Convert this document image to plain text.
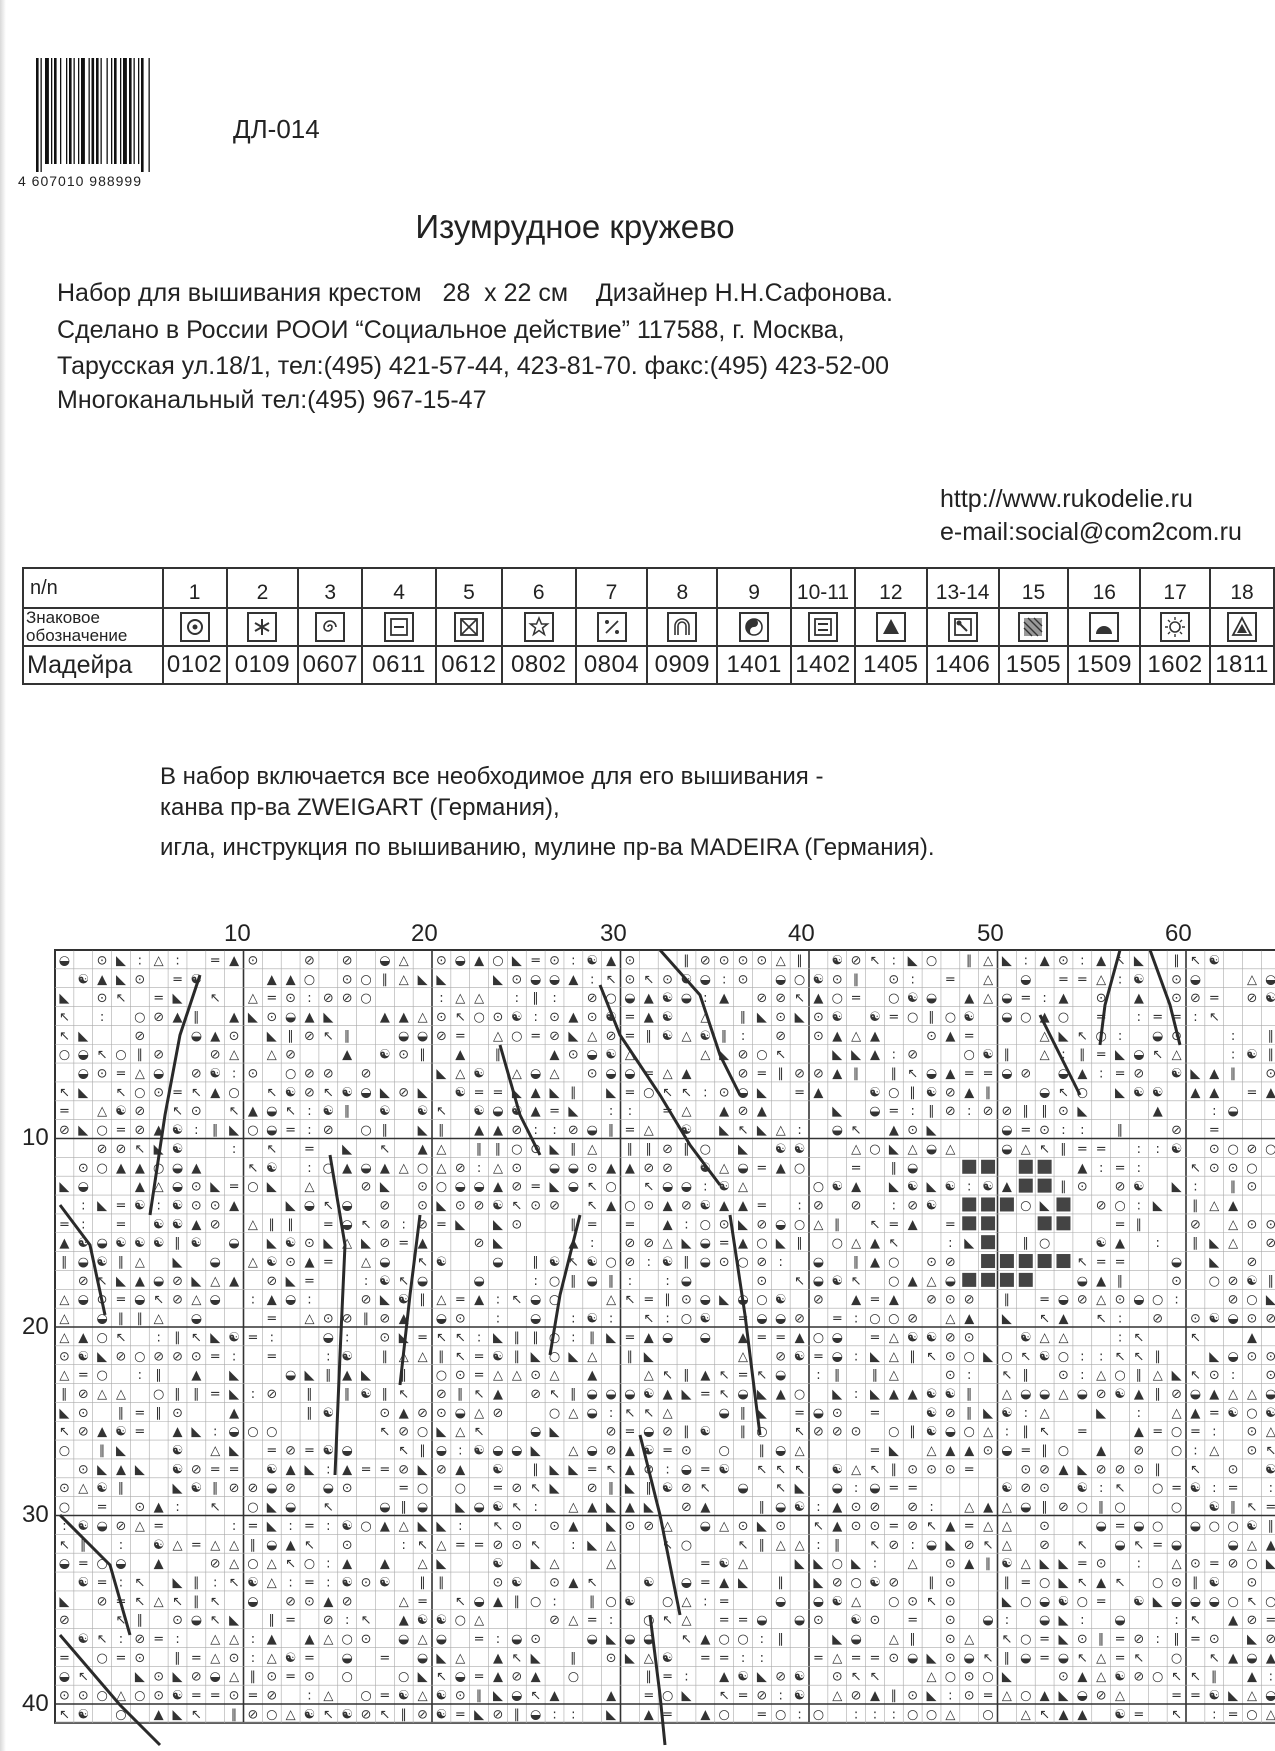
4 607010 988999
ДЛ-014
Изумрудное кружево
Набор для вышивания крестом   28  х 22 см    Дизайнер Н.Н.Сафонова.
Сделано в России РООИ “Социальное действие” 117588, г. Москва,
Тарусская ул.18/1, тел:(495) 421-57-44, 423-81-70. факс:(495) 423-52-00
Многоканальный тел:(495) 967-15-47
http://www.rukodelie.ru
e-mail:social@com2com.ru
n/n	1	2	3	4	5	6	7	8	9	10-11	12	13-14	15	16	17	18
Знаковое обозначение	

Мадейра	0102	0109	0607	0611	0612	0802	0804	0909	1401	1402	1405	1406	1505	1509	1602	1811
В набор включается все необходимое для его вышивания -
канва пр-ва ZWEIGART (Германия),
игла, инструкция по вышиванию, мулине пр-ва MADEIRA (Германия).
10	20	30	40	50	60
10
20
30
40
◒ ⊙ ◣ : △ : = ▲ ⊙	⊘ ⊘ ◒ △ ⊙ ◒ ▲ ○ ◣ = ⊙ : ☯ ▲ ⊙	∥ ⊘ ⊙ ⊙ ⊙ △ ∥ ☯ ⊘ ↖ : ◣ ○ ∥ △ ◣ : ▲ ⊙ : ▲ ↖ ◣ ∥ ↖ ☯
☯ ▲ ◣ ⊙ = ☯	▲ ▲ ○ ⊙ ○ ∥ △ ◣ ◣	◣ ⊙ ◒ ◒ ▲ : ↖ ⊙ ↖ ⊙ ☯ ◒ : ⊙ ◒ ○ ☯ ⊙ ∥ ⊙ : = △ ◒ = = △ : ☯ ⊙ ◒	△ ◒
◣ ⊙ ↖ = ◣ ↖ △ = ⊙ : ⊘ ⊘ ○	: △ △ : ∥ : ⊘ ○ ◒ ▲ ☯ ◒ : ▲ ⊘ ⊘ ↖ ▲ ○ = ○ ☯ ◒ ▲ △ ◒ = : ▲ ⊙ ▲ ⊙ ⊘ = ⊘ ☯
↖ : ○ ⊘ ▲ ∥ ▲ ◣ ⊙ ◒ ▲ ◣	▲ ▲ △ ⊙ ↖ ○ ⊙ ☯ : ⊙ ▲ ⊙ ☯ = ▲ ☯ △ ∥ ◣ ⊙ ◣ ⊙ ☯ ☯ = ○ ∥ ○ ☯ ◒ ○ ▲ ○ = : = = : ↖
↖ ◣	⊘	◒ ▲ ⊙ ◣ ∥ ⊘ ↖ ∥	◒ ◒ ⊘ = △ ○ = ⊘ ◣ △ ⊘ = ∥ ☯ △ ☯ ∥ : ⊘ ⊙ ▲ △ ▲	⊙ ▲ =	△ ◣ ↖ ○ : ◒ ⊙	: ∥
○ ◒ ↖ ○ ∥ ⊘	⊘ △ △ ⊘	▲ ☯ ⊙ ∥ ▲ ∥	▲ ⊙ ◒ ☯ △	△ ◣ ⊘ ○ ↖	◣ ◣ ▲ : ⊘	○ ☯ ∥ △ : ∥ = ◣ ◒ ↖ △	: ☯ ∥
◒ ⊙ = △ ◒ ⊘ ☯ : ⊙ ○ ⊘ ⊘ ⊘	◣ △ ☯ △ ◒ △ ⊙ ◒ ◒ = △ ▲	⊘ = ∥ ⊘ ⊘ ▲ ∥ ∥ ↖ ◒ ▲ = = ◒ ⊘ ◒ ▲ : = ⊘ ☯ ◣ ▲ ∥ ⊙
↖ ◣ ↖ ○ ⊙ = ↖ ▲ ○ ↖ ☯ ⊘ ↖ ☯ ◒ ◣ ⊘ ◣ ☯ = = ◣ ▲ ◣ ∥ ◣ = ○ ↖ ↖ : ⊙ ◒ ◣ = ▲	☯ ○ ∥ ☯ ⊘ ▲ ∥	◒ ↖ ○ ◣ ☯ ☯ ▲ ▲ = ▲
= △ ☯ ⊘ ↖ ⊙ ↖ ▲ ◒ ↖ : ☯ ∥ ☯ ☯ ↖ ☯ ◒ ☯ ▲ = ◣ : : = △ ▲ ⊘ ▲	◣ ◒ = : ∥ ⊘ : ⊘ ⊘ ∥ ∥ ⊙ ◣	▲	: ◒
⊘ ◣ ○ = ⊘ ▲ ☯ : ∥ ◣ ○ ◒ = : ⊘ ○ ∥ ◣ ∥ ▲ ▲ ⊘ : : ⊘ ◒ ∥ = △ ☯ ◣ ↖ ◣ △ : ◒ ↖ ▲ ⊙ ◣	◒ = ⊙ : : ∥	⊘ =
⊘ ⊘ ↖ ◣ ☯	: ↖ = ◣ ↖ ▲ △ ∥ ∥ ○ ⊙ ◣ ∥ △ ∥ ∥ ⊘ ∥ ○ ◣ ☯ ☯	△ ○ ◣ △ ◒ △	◒ △ ↖ ∥ = = : : ☯ ⊙ ○ ⊘ ○
⊙ ○ ▲ ▲ ○ ◒ ▲	↖ ☯ : ○ ▲ ◒ ▲ △ ○ △ ⊘ : △ ⊙ ◒ ◒ ⊙ ▲ ▲ ⊘ ⊘ ☯ △ ◒ = ▲ ○	= ∥ ◒	▲ : = :	↖ ⊙ ⊙ ○
◣ ◒	▲ △ ◒ ⊙ ◣ = ○ ◣ △	⊘ ◣ ⊙ ○ ◒ ◒ ▲ ⊘ = ◣ ◒ ↖ ○ ↖ ◒ ◒ : ☯ △	○ ☯ ▲ ◣ ☯ ◣ ☯ : ☯ ▲	∥ ⊙ ⊘ ☯ ◣ : ∥ ⊙
: ◣ = ☯ : ☯ ⊙ ⊙ ▲	◣ ◒ ↖ ◒ ⊘ ⊙ ◣ ⊙ ⊘ ☯ ↖ ⊙ ⊘ ↖ ▲ ○ ⊙ ▲ ⊘ ☯ ▲ ▲ = : ⊘ ⊘ : ⊘ ☯	○ ◣	⊘ ○ : ◣ ∥ △ ▲
= : = ☯ ☯ ▲ ⊘ △ ∥ ∥ = ◒ ↖ ⊘ : ⊘ = ◣ ◣ ⊙	∥ = = ▲ : ○ ⊙ ◣ ⊘ ◒ ○ △ ∥ ↖ = ▲ =	= ∥	⊘ △ ⊙ ⊙
▲ ☯ ◒ ☯ ☯ ☯ ∥ ☯ ◒ ◣ ☯ ⊙ ◣ △ ◣ ⊘ = ▲	⊘ ◣	▲ : ⊘ ⊘ △ ◣ ◒ = ▲ ○ ◣ ∥ ○ △ ▲ ↖	: ◣	∥ ○	☯ ▲ : ∥ ◣ △ ⊘
∥ ◒ ☯ ∥ △ ◣ ◒ △ ☯ ⊙ ▲ = △ ◒ ↖ ☯	◒ ∥ ☯ ↖ ☯ ○ ⊘ : ☯ ∥ ◒ ⊙ ○ ⊘ : ◒ ∥ ▲ ○ ⊙ ⊘	↖ = =	◒ ◣ ⊘
⊘ ↖ ◣ ▲ ◒ ⊘ ◣ △ ▲ ⊘ ◣ =	: ☯ ↖ ◒	◒	: ○ ∥ ◒ ∥ :	: ◒	⊙ ↖ ◒ ☯ ↖ ○ ▲ △ ◒	◒ ▲ ∥	⊙ ○ ⊘ ☯ ∥
△ ◒ ⊙ = ◒ ↖ ⊘ △ ◒ : ▲ ◒ :	⊘ ◣ ☯ ∥ △ = ▲ : ↖ ◒ ○	△ ↖ = ∥ ⊙ ◒ ◣ ◒ ○ ☯ ⊘ ▲ = ▲ ⊘ ⊙ ⊘ ∥ = ◒ ⊘ △ ⊙ ◒ ○ :	⊘ ○ ◣
△ ◒ ∥ ∥ △ ◒	= △ ⊙ ⊘ ∥ ⊘ ▲ ◒ ⊙ : ◒ : ☯ : ↖ : ○ ☯ = ◒ ◒ ⊘ = : ○ ○ ⊘ △ ▲ ◣ ↖ ▲ ↖ : ⊘ ⊙ ☯ ◒ ⊙ ⊘
△ ▲ ○ ↖ : ∥ ↖ ◣ ☯ = :	◒ : ⊙ ◣ = ↖ ↖ : ◣ ∥ ∥ ○ : ∥ ◣ = ▲ ◒ ◒ ▲ = = ▲ ○ ◒ = △ ☯ ☯ ⊘ ⊙	☯ △ △	: ↖	↖	▲
⊙ ☯ ◣ ⊘ ○ ⊘ ⊘ ⊙ = : =	: ☯ ∥ △ △ ∥ ↖ = ☯ ∥ ◣ ○ ◣ △ ∥ ◣	△ ⊘ ☯ = ◒ : ◣ △ ∥ ↖ ⊙ ○ ◣ ○ ↖ ☯ ○ : : ↖ ↖ ∥	◣ ◒ ⊙ ⊙
△ = ○ : ∥ ▲ ◣	◒ ◣ ∥ ▲ ◣ ∥ ○ ⊙ = △ △ ⊙ △ ▲	△ ↖ ∥ ▲ ↖ = ↖ ◒ : ∥ ∥ △	⊙ : ↖ ∥ ⊙ : △ ○ ∥ △ ◣ ↖ ⊙ : ⊙
∥ ⊘ △ △ ○ ∥ ∥ = ◣ : ⊘ ∥ ∥ ☯ ∥ ↖ ⊘ ∥ ↖ ▲ ⊘ ↖ ∥ ◒ ◒ ◒ ☯ ▲ ◣ = ↖ ◒ ◣ ▲ ○ ◣ : ◣ ▲ ▲ ☯ ☯ ∥ △ ◒ ◒ △ ◒ ⊘ ☯ ▲ ∥ ⊘ ◒ ▲ △ △ ◒
◣ ⊙ ∥ = ∥ ⊙	▲	∥ ☯	⊙ ▲ ⊘ ⊙ ◒ △ ⊘	○ △ ◒ : ↖ ↖ △	◒ ∥ ◣ = ◒ ⊙ =	☯ ⊘ ∥ ◣ ☯ : △	◣ : △ ▲ = ☯ ○ ☯
↖ ⊘ ▲ ☯ = ▲ ◣ : ◒ ○ ○	↖ ⊘ ○ ◣ △ ↖	◒ ◣	⊘ = ◒ ⊘ ∥ ☯ ∥ ○ ↖ ⊘ ⊘ ⊙ ○ ∥ ☯ ◒ ○ △ : ∥ ↖ =	▲ = ○ = : ⊙ △
○ ∥ ◣	☯ △ ◣ = ⊘ = ☯ ◒	↖ ∥ ◒ : ☯ ◒ ◒ ◣ △ ◒ ⊘ ▲ ☯ = ⊙ ○ ∥ ◒ △	= ◣ △ ▲ ▲ ⊙ ◒ = ∥ ○ ▲ ⊘ ○ : △ ⊙ ↖
⊙ ◣ ▲ ◣ ☯ ⊘ = = ☯ ▲ ◣ : ▲ = = ⊘ ◣ ⊘ ▲ ☯ ∥ ◣ ◣ = ↖ ▲ ⊘ : ◒ = ☯ ↖ ↖ ↖ ☯ △ ↖ ∥ ⊙ ⊙ ⊙ =	⊙ ⊘ ▲ ◣ ⊘ ⊘ ⊙ ∥ ↖ ⊙ ☯
⊙ △ ☯ ∥	◣ ☯ ∥ ⊘ ⊘ ◒ ⊘ ◒ ⊙	= ○ ○ = ⊘ ↖ ◣ ⊘ ∥ ◣ ∥ ☯ ⊘ ↖ ◒ ↖ ◣ ◒ : ◒ = =	☯ ⊘ ⊙ ☯ : ↖ ○ = ☯ : = :
○ = ⊙ ▲ : ↖ ○ ◣ ◒ ↖	◒ ∥ ◒ ◣ ◒ ☯ ↖ : △ ▲ ◣ ▲ ◣ ⊘ ▲	∥ ◒ ☯ : ▲ ⊙ ⊘ ⊘ : △ ▲ △ ◒ ∥ ⊘ ○ ∥ ○	○ ☯ ∥ ↖ =
: ☯ ◒ ⊘ △ =	: = ◣ : = : ☯ ○ ▲ △ ◣ ◣ : ↖ ⊙ ⊙ ▲ ◣ ⊙ ⊘ △ ◒ △ ⊙ ◣ ⊙ ↖ ▲ ⊙ ⊙ = ⊘ ↖ ▲ = △ △ ⊙	◒ = ◒ ○ ◒ ○ ○ ☯ ∥
↖ ∥ : ☯ △ = △ △ ∥ ◒ ▲ ↖ ⊙	: ↖ △ = = ⊘ ⊙ ↖ : ◣ △	↖ ○	↖ ∥ △ △ : ∥ ↖ ⊘ : ◒ ◣ ⊘ ↖ △ ⊘ ↖ ◒ ↖ = ◒	◒ △ ▲
◒ = ○ ◒ ▲	⊘ △ ○ △ ↖ ○ : ▲ ▲ △ ◣	☯ ◣ △	△	= ☯ △	◣ ◣ ○ ◣ : △ ⊙ ▲ ∥ ☯ △ ◣ ◣ = ⊙ : △ ⊙ = ⊘ ○ ◣
☯ = : ↖ ◣ ∥ : ↖ ☯ △ : = : ☯ ⊙ ☯ ∥ ∥	⊙ ☯ ⊙ ▲ ↖	☯ ◒ = ▲ ◣ ∥ ◣ ⊘ ○ ☯ ⊘ ∥ ⊙	∥ = ○ ◣ ↖ ▲ ↖ ○ ⊙ ∥ ☯ ⊙
◣ ⊘ = ↖ △ ↖ ∥ ↖ ◒ ⊘ ⊙ ▲ ⊘	△ = ↖ ◒ ▲ ∥ ○ : ∥ ○ ☯ ○ △ : =	◒ ◒ ☯ △ ○ ⊙ ↖ ⊙	◣ ○ ◒ ☯ ○ = ☯ ◣ ◒ ◒ ◒ ○ ↖ ○
⊘	↖ ∥ ⊙ ◒ ↖ ◣ ∥ = ⊘ : ↖ ▲ ☯ ☯ ○ △	⊘ △ = : ○ ↖ △ = = ◒ ◒ ⊙ ☯ ⊙ = ⊙ ◒ : ◒ ◣ : ◒	: ↖ ▲ ⊘ =
☯ ↖ : ⊘ = : △ △ : ▲ ▲ △ ○ ⊙ ◒ △ ◒ = : ◒ ⊙	◒ ◣ ◒ ◒ ↖ ▲ ○ ○ : ∥	◣ ◒ △ ∥ ⊙ △ ↖ ○ = ◣ ⊙ ∥ = ⊘ : ∥ = ⊙ ◣ ⊘
= ○ = ⊙ ∥ = △ ⊙ : △ ☯ = ◒ = ◒ ◣ △ ▲ ↖ ◣ ∥ ⊙ ◣ △ ☯ = = : :	= △ = = ⊙ ◒ ◣ ⊙ ◒ ↖ ∥ ◒ = ◒ ↖ △ = ↖ ○ ↖ ▲ ◒ ▲
◒ ↖	◣ ⊙ ◣ ⊘ ◒ △ ∥ ⊙ = ⊙ ○	○ ◣ ↖ ◒ = ▲ ⊘ ▲ ○	∥ = : ▲ ☯ ◣ ⊘ ☯ ⊙ ↖ ↖	△ ○ ⊙ ○ ◣	⊙ ▲ △ ☯ ⊘ ○ ↖ ↖ ∥ ▲ :
⊙ ⊙ ○ △ ○ ⊙ ☯ = = ⊙ = ⊘ : △ ○ = ☯ △ ☯ ⊙ ∥ ◣ ◒ ↖ ▲	▲ = ○ ◣ ↖ = ⊘ : ☯ △ ⊘ ▲ ∥ ⊙ ◣ : ⊙ = △ ○ ▲ ◣ ◒ ⊘ △	= = ☯ ◣ △ ◒
↖ ☯ ○ ▲ ◣ ↖ ∥ ⊘ ○ △ ☯ ↖ ☯ ⊘ ↖ ∥ ⊘ ☯ = ◣ ⊘ ∥ ◒ : : ◣ ▲ = ▲ ○ = ○ : ○ : : : ○ ○ △ ○ △ ↖ ▲ ▲ ☯ = ↖ : = ○ △
